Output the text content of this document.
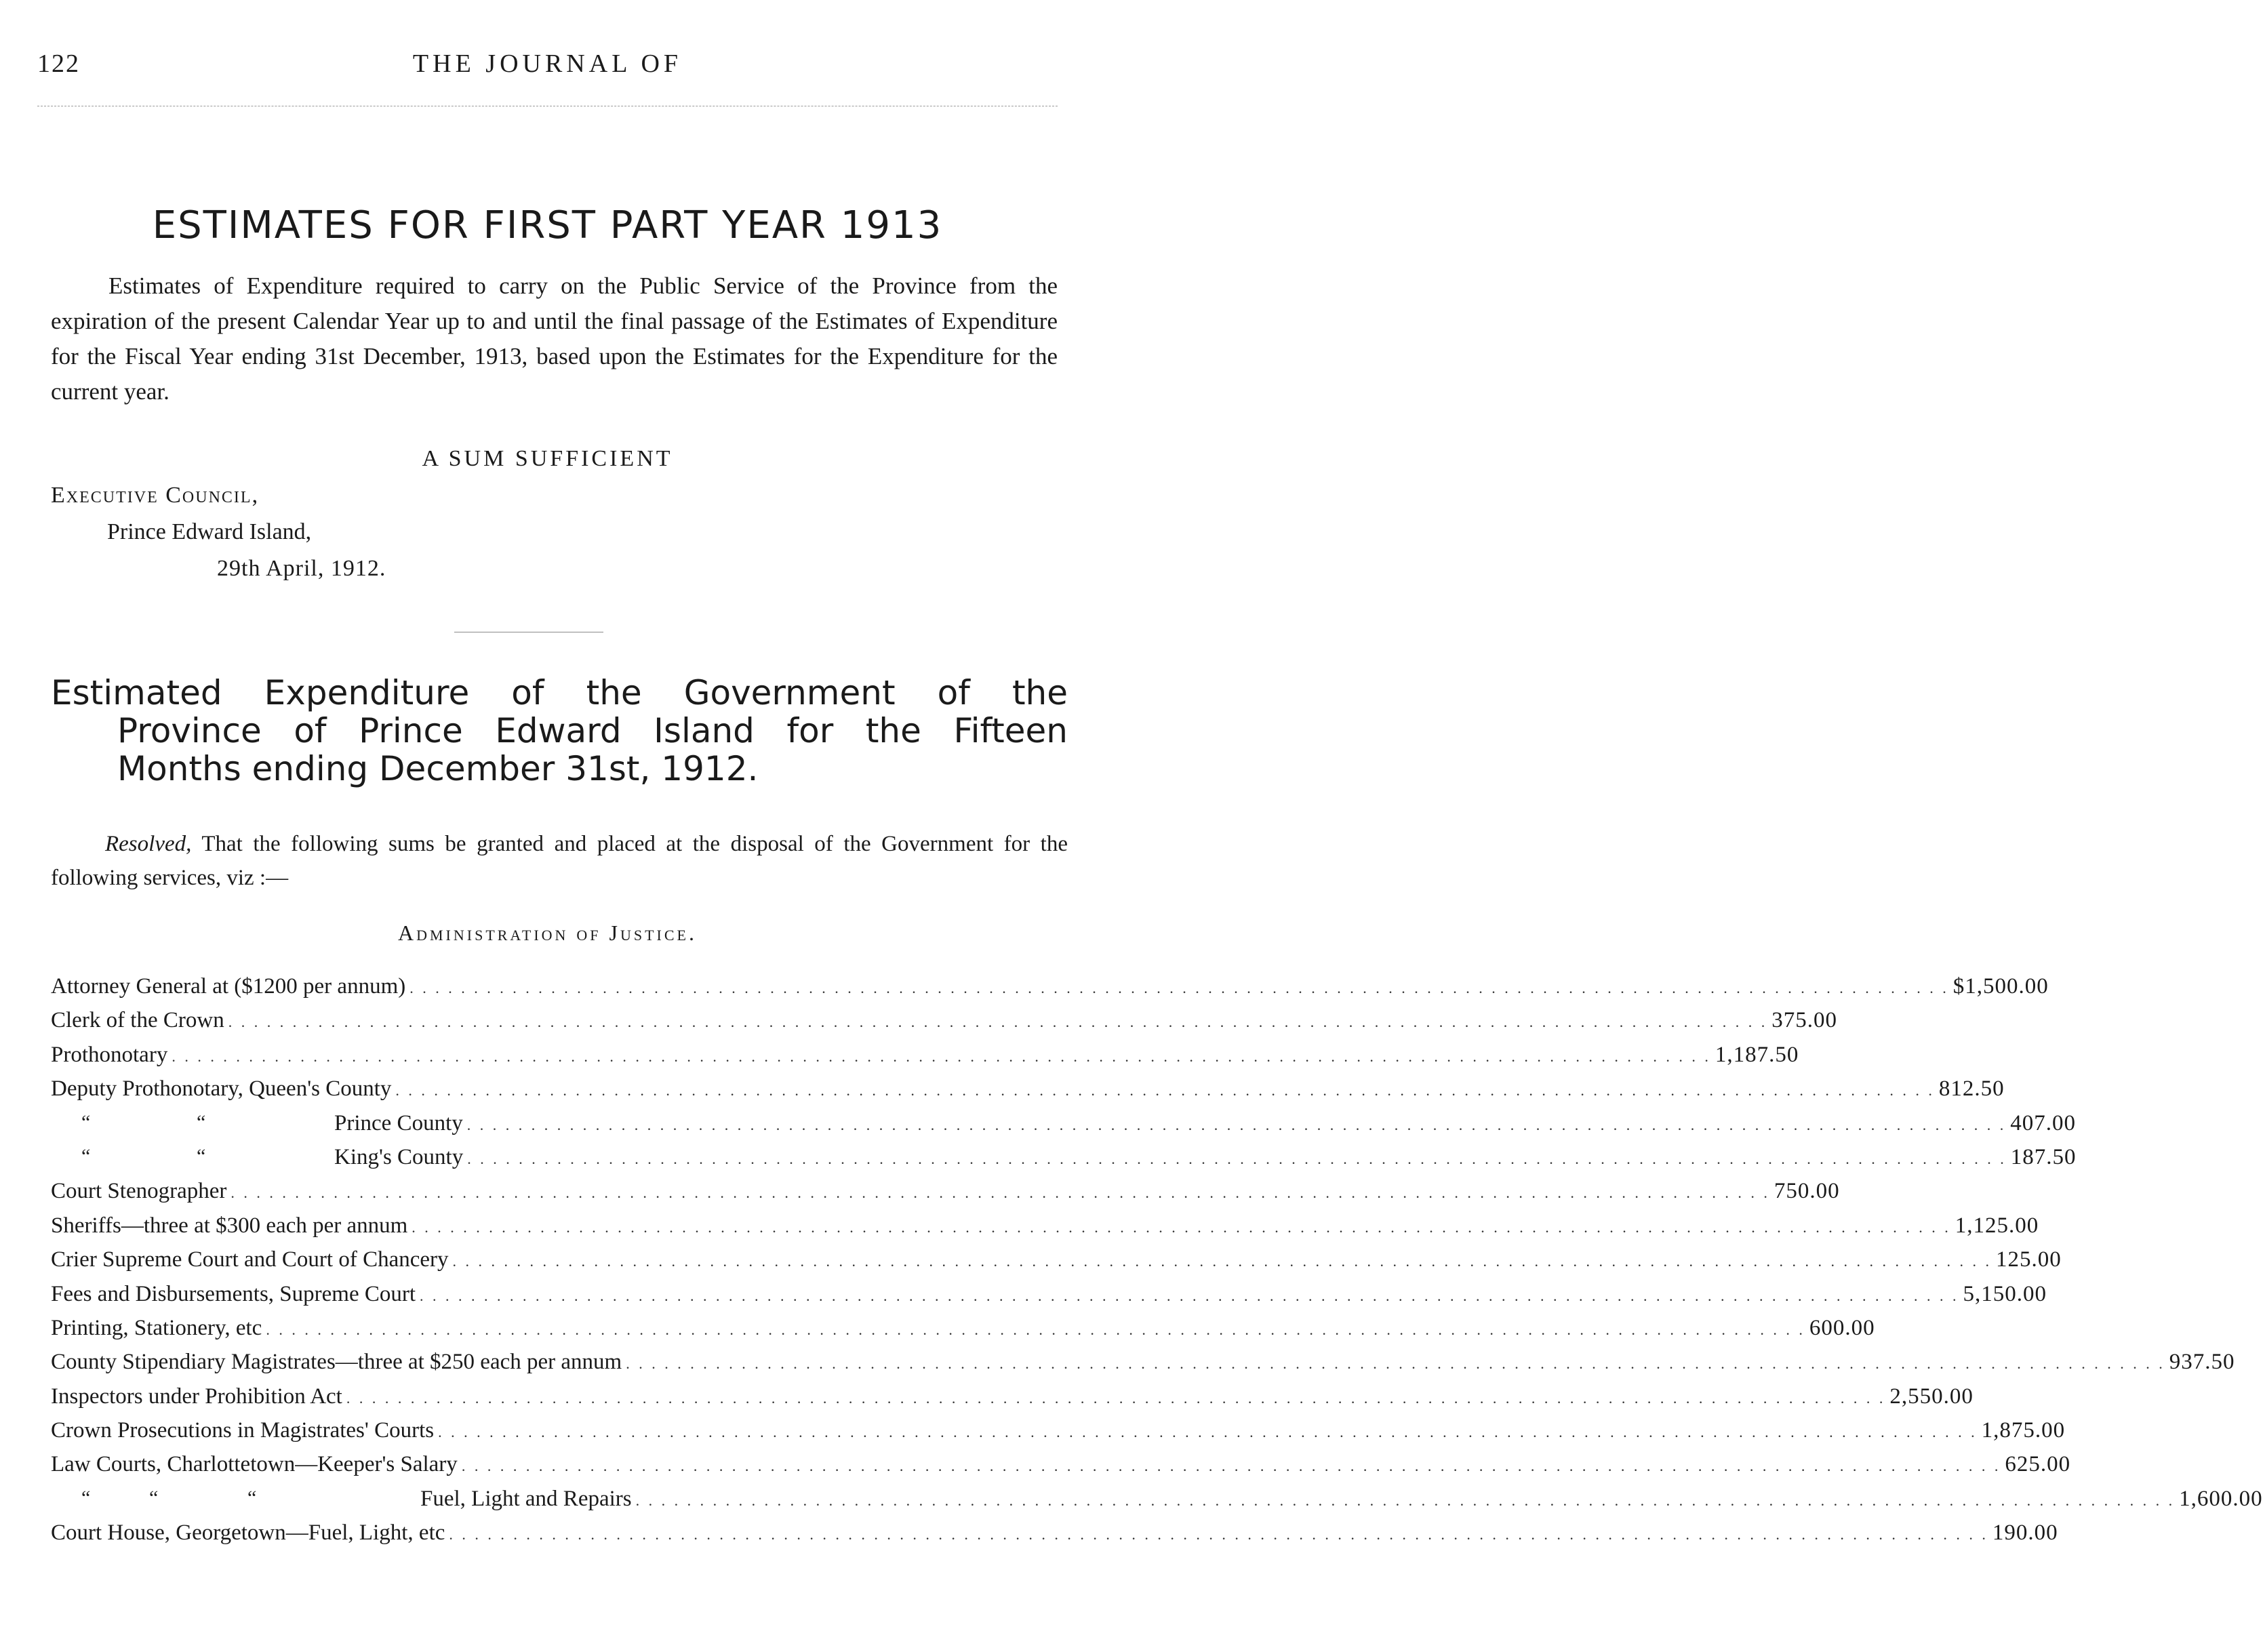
122	THE JOURNAL OF
ESTIMATES FOR FIRST PART YEAR 1913
Estimates of Expenditure required to carry on the Public Service of the Province from the expiration of the present Calendar Year up to and until the final passage of the Estimates of Expenditure for the Fiscal Year ending 31st December, 1913, based upon the Estimates for the Expenditure for the current year.
A SUM SUFFICIENT
Executive Council,
Prince Edward Island,
29th April, 1912.
Estimated Expenditure of the Government of the
Province of Prince Edward Island for the Fifteen
Months ending December 31st, 1912.
Resolved, That the following sums be granted and placed at the disposal of the Government for the following services, viz :—
Administration of Justice.
Attorney General at ($1200 per annum) . . . . . . . . . . . . . . . . . . . . . . . . . . . . . . . . . . . . . . . . . . . . . . . . . . . . . . . . . . . . . . . . . . . . . . . . . . . . . . . . . . . . . . . . . . . . . . . . . . . . . . . . . . . . . . . . . . . . . . . . $1,500.00
Clerk of the Crown . . . . . . . . . . . . . . . . . . . . . . . . . . . . . . . . . . . . . . . . . . . . . . . . . . . . . . . . . . . . . . . . . . . . . . . . . . . . . . . . . . . . . . . . . . . . . . . . . . . . . . . . . . . . . . . . . . . . . . . . 375.00
Prothonotary . . . . . . . . . . . . . . . . . . . . . . . . . . . . . . . . . . . . . . . . . . . . . . . . . . . . . . . . . . . . . . . . . . . . . . . . . . . . . . . . . . . . . . . . . . . . . . . . . . . . . . . . . . . . . . . . . . . . . . . . 1,187.50
Deputy Prothonotary, Queen's County . . . . . . . . . . . . . . . . . . . . . . . . . . . . . . . . . . . . . . . . . . . . . . . . . . . . . . . . . . . . . . . . . . . . . . . . . . . . . . . . . . . . . . . . . . . . . . . . . . . . . . . . . . . . . . . . . . . . . . . . 812.50
“	“	Prince County . . . . . . . . . . . . . . . . . . . . . . . . . . . . . . . . . . . . . . . . . . . . . . . . . . . . . . . . . . . . . . . . . . . . . . . . . . . . . . . . . . . . . . . . . . . . . . . . . . . . . . . . . . . . . . . . . . . . . . . . 407.00
“	“	King's County . . . . . . . . . . . . . . . . . . . . . . . . . . . . . . . . . . . . . . . . . . . . . . . . . . . . . . . . . . . . . . . . . . . . . . . . . . . . . . . . . . . . . . . . . . . . . . . . . . . . . . . . . . . . . . . . . . . . . . . . 187.50
Court Stenographer . . . . . . . . . . . . . . . . . . . . . . . . . . . . . . . . . . . . . . . . . . . . . . . . . . . . . . . . . . . . . . . . . . . . . . . . . . . . . . . . . . . . . . . . . . . . . . . . . . . . . . . . . . . . . . . . . . . . . . . . 750.00
Sheriffs—three at $300 each per annum . . . . . . . . . . . . . . . . . . . . . . . . . . . . . . . . . . . . . . . . . . . . . . . . . . . . . . . . . . . . . . . . . . . . . . . . . . . . . . . . . . . . . . . . . . . . . . . . . . . . . . . . . . . . . . . . . . . . . . . . 1,125.00
Crier Supreme Court and Court of Chancery . . . . . . . . . . . . . . . . . . . . . . . . . . . . . . . . . . . . . . . . . . . . . . . . . . . . . . . . . . . . . . . . . . . . . . . . . . . . . . . . . . . . . . . . . . . . . . . . . . . . . . . . . . . . . . . . . . . . . . . . 125.00
Fees and Disbursements, Supreme Court . . . . . . . . . . . . . . . . . . . . . . . . . . . . . . . . . . . . . . . . . . . . . . . . . . . . . . . . . . . . . . . . . . . . . . . . . . . . . . . . . . . . . . . . . . . . . . . . . . . . . . . . . . . . . . . . . . . . . . . . 5,150.00
Printing, Stationery, etc . . . . . . . . . . . . . . . . . . . . . . . . . . . . . . . . . . . . . . . . . . . . . . . . . . . . . . . . . . . . . . . . . . . . . . . . . . . . . . . . . . . . . . . . . . . . . . . . . . . . . . . . . . . . . . . . . . . . . . . . 600.00
County Stipendiary Magistrates—three at $250 each per annum . . . . . . . . . . . . . . . . . . . . . . . . . . . . . . . . . . . . . . . . . . . . . . . . . . . . . . . . . . . . . . . . . . . . . . . . . . . . . . . . . . . . . . . . . . . . . . . . . . . . . . . . . . . . . . . . . . . . . . . . 937.50
Inspectors under Prohibition Act . . . . . . . . . . . . . . . . . . . . . . . . . . . . . . . . . . . . . . . . . . . . . . . . . . . . . . . . . . . . . . . . . . . . . . . . . . . . . . . . . . . . . . . . . . . . . . . . . . . . . . . . . . . . . . . . . . . . . . . . 2,550.00
Crown Prosecutions in Magistrates' Courts . . . . . . . . . . . . . . . . . . . . . . . . . . . . . . . . . . . . . . . . . . . . . . . . . . . . . . . . . . . . . . . . . . . . . . . . . . . . . . . . . . . . . . . . . . . . . . . . . . . . . . . . . . . . . . . . . . . . . . . . 1,875.00
Law Courts, Charlottetown—Keeper's Salary . . . . . . . . . . . . . . . . . . . . . . . . . . . . . . . . . . . . . . . . . . . . . . . . . . . . . . . . . . . . . . . . . . . . . . . . . . . . . . . . . . . . . . . . . . . . . . . . . . . . . . . . . . . . . . . . . . . . . . . . 625.00
“	“	“	Fuel, Light and Repairs . . . . . . . . . . . . . . . . . . . . . . . . . . . . . . . . . . . . . . . . . . . . . . . . . . . . . . . . . . . . . . . . . . . . . . . . . . . . . . . . . . . . . . . . . . . . . . . . . . . . . . . . . . . . . . . . . . . . . . . . 1,600.00
Court House, Georgetown—Fuel, Light, etc . . . . . . . . . . . . . . . . . . . . . . . . . . . . . . . . . . . . . . . . . . . . . . . . . . . . . . . . . . . . . . . . . . . . . . . . . . . . . . . . . . . . . . . . . . . . . . . . . . . . . . . . . . . . . . . . . . . . . . . . 190.00
